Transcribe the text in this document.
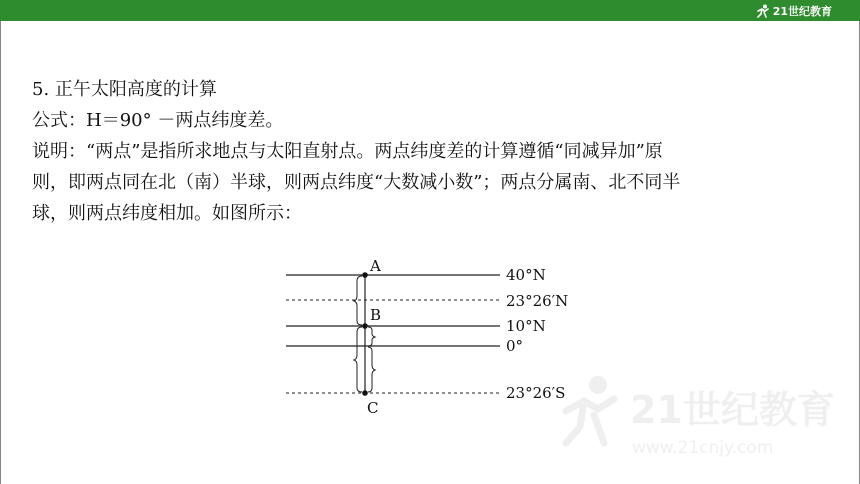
21世纪教育

5. 正午太阳高度的计算

公式：H＝90° －两点纬度差。

说明：“两点”是指所求地点与太阳直射点。两点纬度差的计算遵循“同减异加”原

则，即两点同在北（南）半球，则两点纬度“大数减小数”；两点分属南、北不同半

球，则两点纬度相加。如图所示：

21世纪教育
www.21cnjy.com
A
B
C
40°N
23°26′N
10°N
0°
23°26′S
